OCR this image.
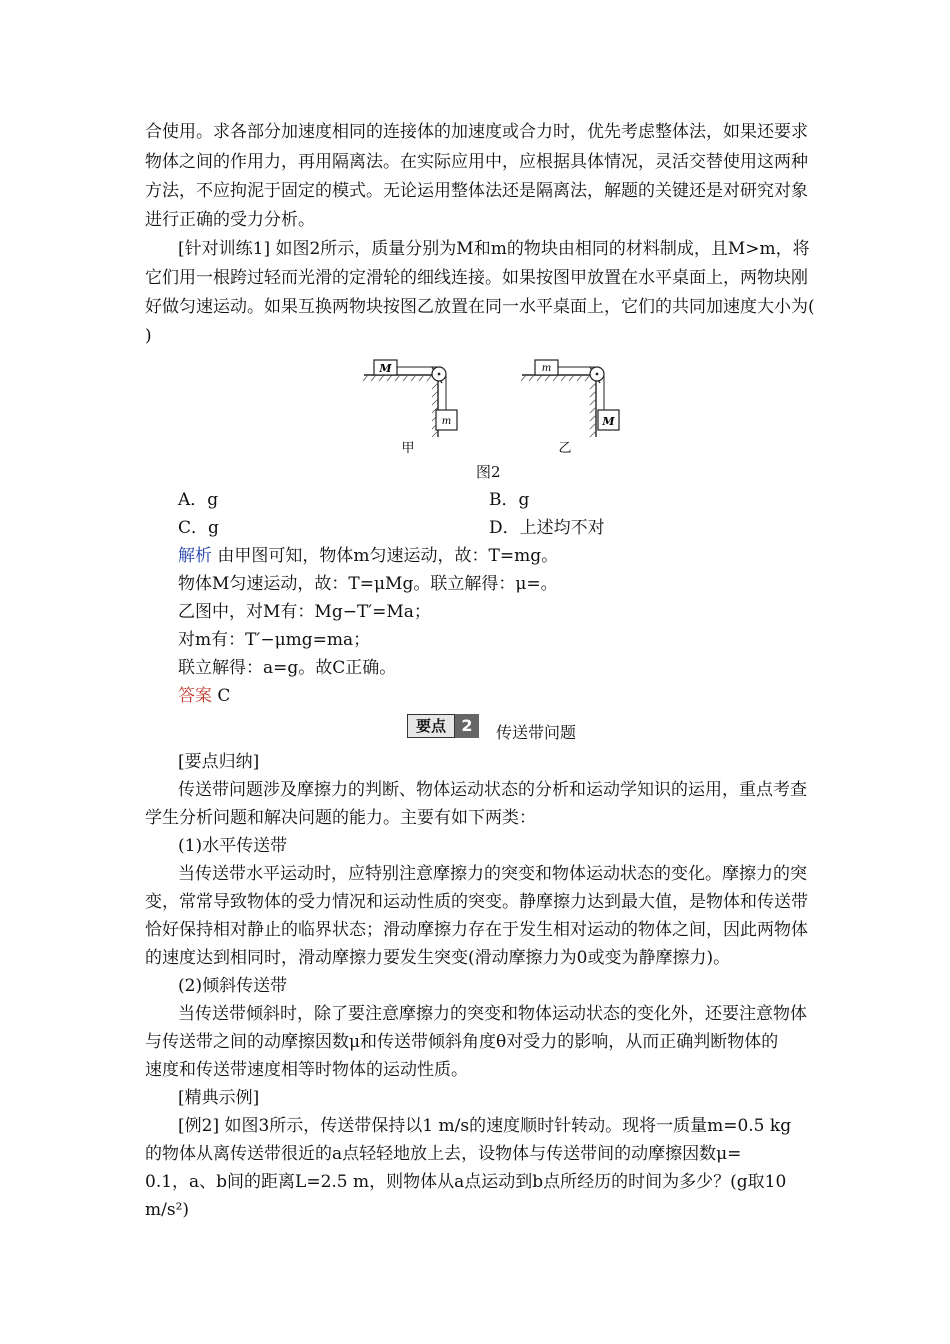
合使用。求各部分加速度相同的连接体的加速度或合力时，优先考虑整体法，如果还要求
物体之间的作用力，再用隔离法。在实际应用中，应根据具体情况，灵活交替使用这两种
方法，不应拘泥于固定的模式。无论运用整体法还是隔离法，解题的关键还是对研究对象
进行正确的受力分析。
[针对训练1] 如图2所示，质量分别为M和m的物块由相同的材料制成，且M>m，将
它们用一根跨过轻而光滑的定滑轮的细线连接。如果按图甲放置在水平桌面上，两物块刚
好做匀速运动。如果互换两物块按图乙放置在同一水平桌面上，它们的共同加速度大小为(
)
M
m
甲
m
M
乙
图2
A．g	B．g
C．g	D．上述均不对
解析 由甲图可知，物体m匀速运动，故：T=mg。
物体M匀速运动，故：T=μMg。联立解得：μ=。
乙图中，对M有：Mg−T′=Ma；
对m有：T′−μmg=ma；
联立解得：a=g。故C正确。
答案 C
要点 2	传送带问题
[要点归纳]
传送带问题涉及摩擦力的判断、物体运动状态的分析和运动学知识的运用，重点考查
学生分析问题和解决问题的能力。主要有如下两类：
(1)水平传送带
当传送带水平运动时，应特别注意摩擦力的突变和物体运动状态的变化。摩擦力的突
变，常常导致物体的受力情况和运动性质的突变。静摩擦力达到最大值，是物体和传送带
恰好保持相对静止的临界状态；滑动摩擦力存在于发生相对运动的物体之间，因此两物体
的速度达到相同时，滑动摩擦力要发生突变(滑动摩擦力为0或变为静摩擦力)。
(2)倾斜传送带
当传送带倾斜时，除了要注意摩擦力的突变和物体运动状态的变化外，还要注意物体
与传送带之间的动摩擦因数μ和传送带倾斜角度θ对受力的影响，从而正确判断物体的
速度和传送带速度相等时物体的运动性质。
[精典示例]
[例2] 如图3所示，传送带保持以1 m/s的速度顺时针转动。现将一质量m=0.5 kg
的物体从离传送带很近的a点轻轻地放上去，设物体与传送带间的动摩擦因数μ=
0.1，a、b间的距离L=2.5 m，则物体从a点运动到b点所经历的时间为多少？(g取10
m/s²)
